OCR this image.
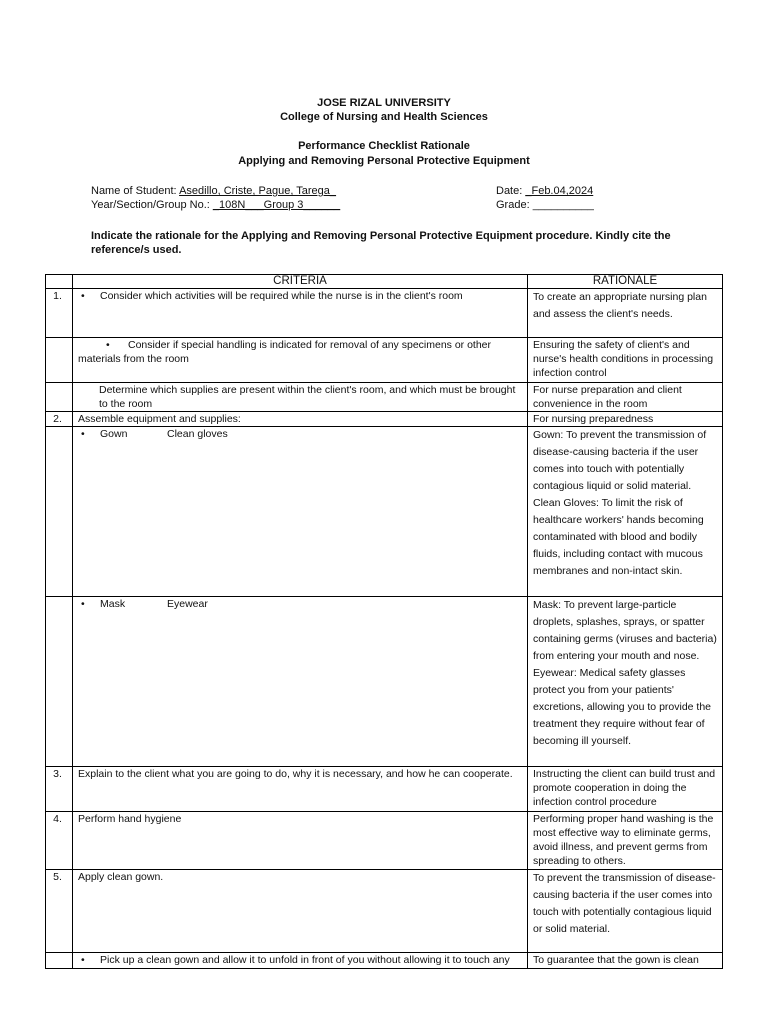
JOSE RIZAL UNIVERSITY
College of Nursing and Health Sciences
Performance Checklist Rationale
Applying and Removing Personal Protective Equipment
Name of Student: Asedillo, Criste, Pague, Tarega_
Year/Section/Group No.: _108N___Group 3______
Date: _Feb.04,2024
Grade: __________
Indicate the rationale for the Applying and Removing Personal Protective Equipment procedure. Kindly cite the reference/s used.
	CRITERIA	RATIONALE
1.	• Consider which activities will be required while the nurse is in the client's room	To create an appropriate nursing plan and assess the client's needs.
	• Consider if special handling is indicated for removal of any specimens or other materials from the room	Ensuring the safety of client's and nurse's health conditions in processing infection control
	Determine which supplies are present within the client's room, and which must be brought to the room	For nurse preparation and client convenience in the room
2.	Assemble equipment and supplies:	For nursing preparedness
	• Gown Clean gloves	Gown: To prevent the transmission of disease-causing bacteria if the user comes into touch with potentially contagious liquid or solid material. Clean Gloves: To limit the risk of healthcare workers' hands becoming contaminated with blood and bodily fluids, including contact with mucous membranes and non-intact skin.
	• Mask Eyewear	Mask: To prevent large-particle droplets, splashes, sprays, or spatter containing germs (viruses and bacteria) from entering your mouth and nose. Eyewear: Medical safety glasses protect you from your patients' excretions, allowing you to provide the treatment they require without fear of becoming ill yourself.
3.	Explain to the client what you are going to do, why it is necessary, and how he can cooperate.	Instructing the client can build trust and promote cooperation in doing the infection control procedure
4.	Perform hand hygiene	Performing proper hand washing is the most effective way to eliminate germs, avoid illness, and prevent germs from spreading to others.
5.	Apply clean gown.	To prevent the transmission of disease-causing bacteria if the user comes into touch with potentially contagious liquid or solid material.
	• Pick up a clean gown and allow it to unfold in front of you without allowing it to touch any	To guarantee that the gown is clean
